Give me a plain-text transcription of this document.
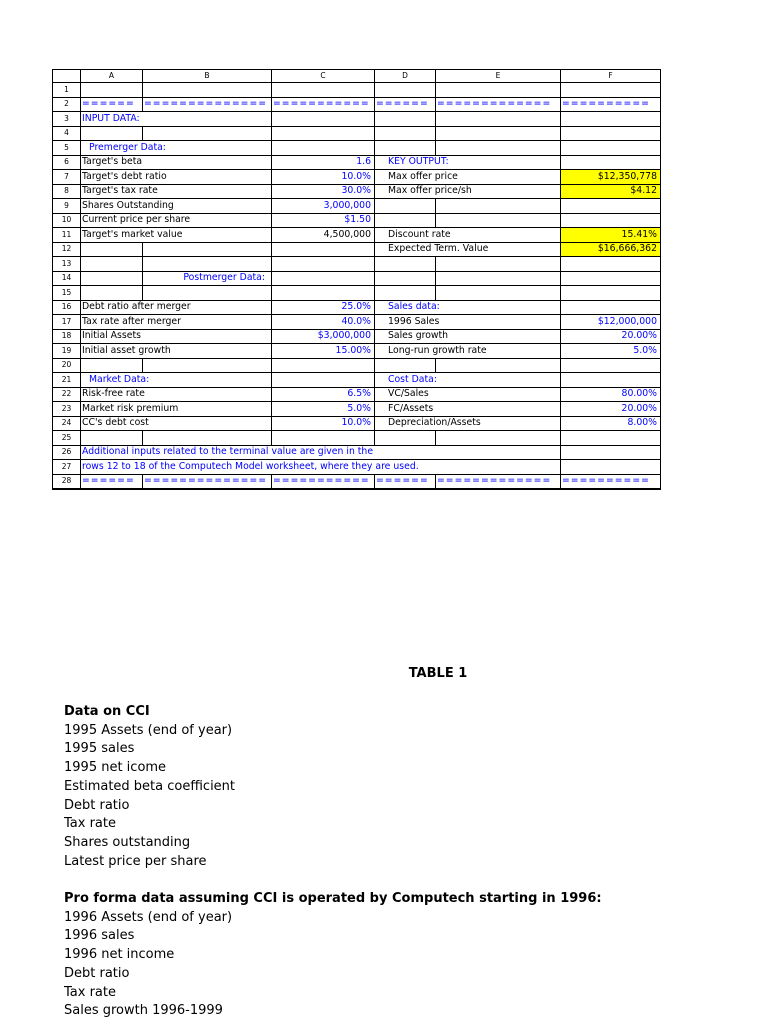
	A	B	C	D	E	F
1						
2	======	==============	===========	======	=============	==========
3	INPUT DATA:					
4						
5	Premerger Data:					
6	Target's beta		1.6	KEY OUTPUT:		
7	Target's debt ratio		10.0%	Max offer price		$12,350,778
8	Target's tax rate		30.0%	Max offer price/sh		$4.12
9	Shares Outstanding		3,000,000			
10	Current price per share		$1.50			
11	Target's market value		4,500,000	Discount rate		15.41%
12				Expected Term. Value		$16,666,362
13						
14		Postmerger Data:				
15						
16	Debt ratio after merger		25.0%	Sales data:		
17	Tax rate after merger		40.0%	1996 Sales		$12,000,000
18	Initial Assets		$3,000,000	Sales growth		20.00%
19	Initial asset growth		15.00%	Long-run growth rate		5.0%
20						
21	Market Data:			Cost Data:		
22	Risk-free rate		6.5%	VC/Sales		80.00%
23	Market risk premium		5.0%	FC/Assets		20.00%
24	CC's debt cost		10.0%	Depreciation/Assets		8.00%
25						
26	Additional inputs related to the terminal value are given in the					
27	rows 12 to 18 of the Computech Model worksheet, where they are used.					
28	======	==============	===========	======	=============	==========
TABLE 1
Data on CCI
1995 Assets (end of year)
1995 sales
1995 net icome
Estimated beta coefficient
Debt ratio
Tax rate
Shares outstanding
Latest price per share
Pro forma data assuming CCI is operated by Computech starting in 1996:
1996 Assets (end of year)
1996 sales
1996 net income
Debt ratio
Tax rate
Sales growth 1996-1999
